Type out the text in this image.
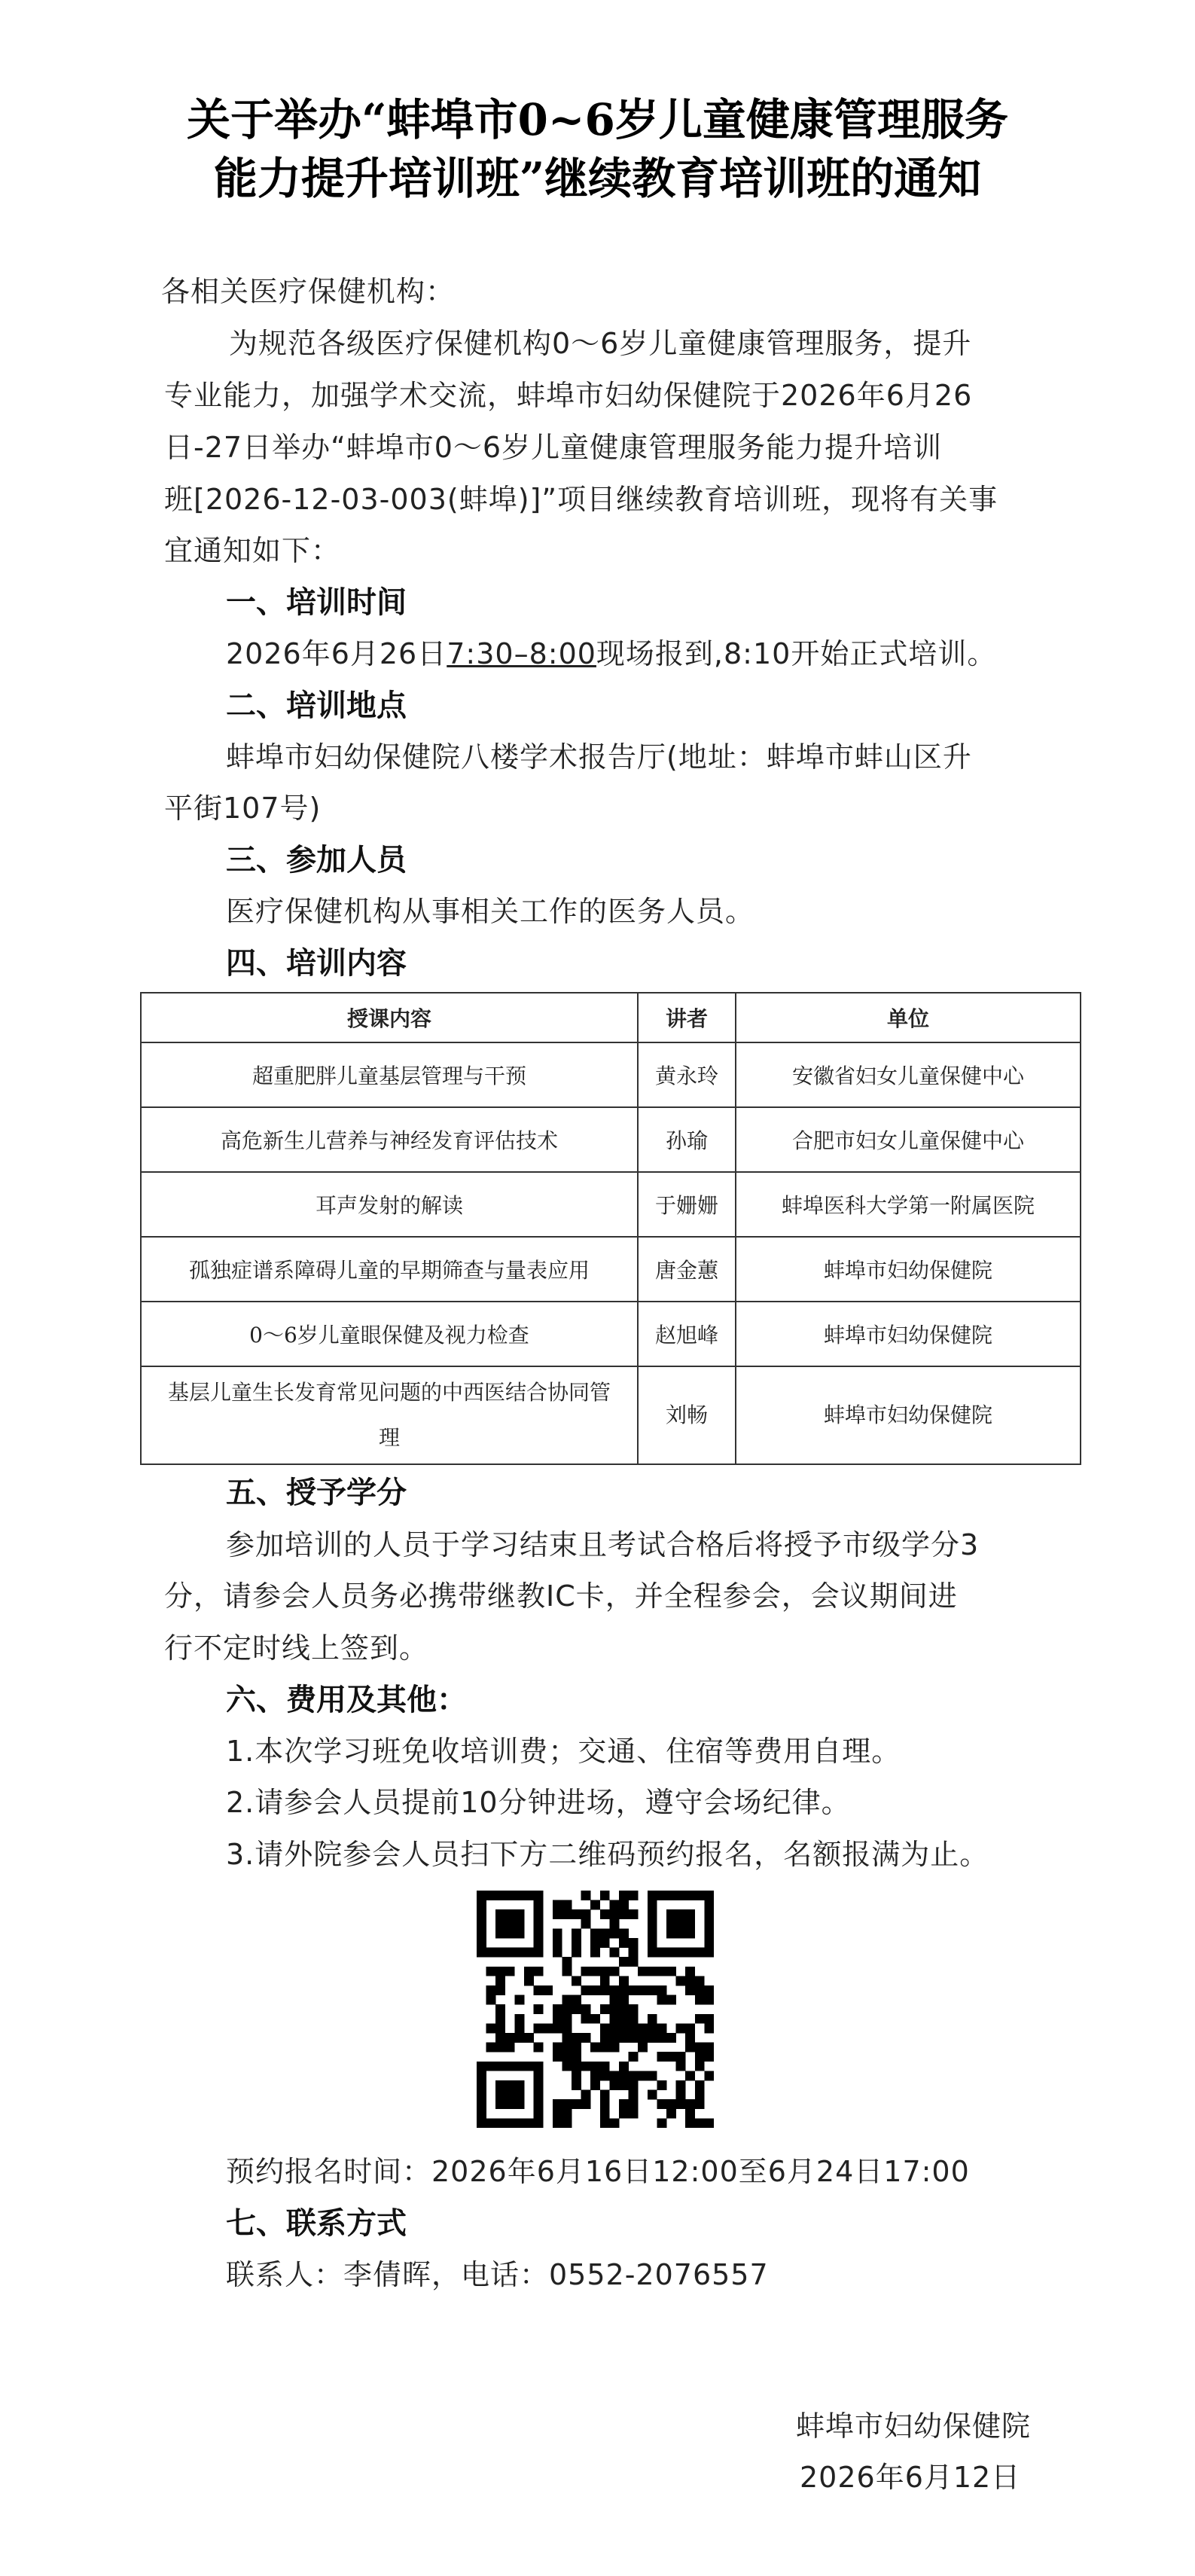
关于举办“蚌埠市0~6岁儿童健康管理服务
能力提升培训班”继续教育培训班的通知
各相关医疗保健机构：
为规范各级医疗保健机构0～6岁儿童健康管理服务，提升
专业能力，加强学术交流，蚌埠市妇幼保健院于2026年6月26
日-27日举办“蚌埠市0～6岁儿童健康管理服务能力提升培训
班[2026-12-03-003(蚌埠)]”项目继续教育培训班，现将有关事
宜通知如下：
一、培训时间
2026年6月26日7:30–8:00现场报到,8:10开始正式培训。
二、培训地点
蚌埠市妇幼保健院八楼学术报告厅(地址：蚌埠市蚌山区升
平街107号)
三、参加人员
医疗保健机构从事相关工作的医务人员。
四、培训内容
授课内容	讲者	单位
超重肥胖儿童基层管理与干预	黄永玲	安徽省妇女儿童保健中心
高危新生儿营养与神经发育评估技术	孙瑜	合肥市妇女儿童保健中心
耳声发射的解读	于姗姗	蚌埠医科大学第一附属医院
孤独症谱系障碍儿童的早期筛查与量表应用	唐金蕙	蚌埠市妇幼保健院
0～6岁儿童眼保健及视力检查	赵旭峰	蚌埠市妇幼保健院
基层儿童生长发育常见问题的中西医结合协同管理	刘畅	蚌埠市妇幼保健院
五、授予学分
参加培训的人员于学习结束且考试合格后将授予市级学分3
分，请参会人员务必携带继教IC卡，并全程参会，会议期间进
行不定时线上签到。
六、费用及其他：
1.本次学习班免收培训费；交通、住宿等费用自理。
2.请参会人员提前10分钟进场，遵守会场纪律。
3.请外院参会人员扫下方二维码预约报名，名额报满为止。
预约报名时间：2026年6月16日12:00至6月24日17:00
七、联系方式
联系人：李倩晖，电话：0552-2076557
蚌埠市妇幼保健院
2026年6月12日
